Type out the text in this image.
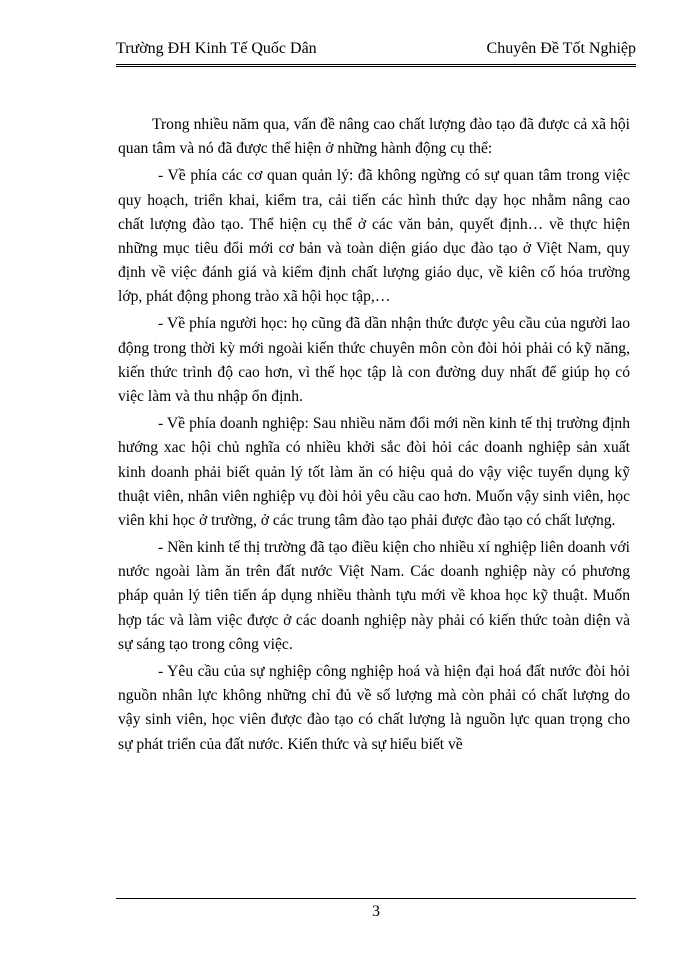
Trường ĐH Kinh Tế Quốc Dân	Chuyên Đề Tốt Nghiệp

Trong nhiều năm qua, vấn đề nâng cao chất lượng đào tạo đã được cả xã hội quan tâm và nó đã được thể hiện ở những hành động cụ thể:

- Về phía các cơ quan quản lý: đã không ngừng có sự quan tâm trong việc quy hoạch, triển khai, kiểm tra, cải tiến các hình thức dạy học nhằm nâng cao chất lượng đào tạo. Thể hiện cụ thể ở các văn bản, quyết định… về thực hiện những mục tiêu đổi mới cơ bản và toàn diện giáo dục đào tạo ở Việt Nam, quy định về việc đánh giá và kiểm định chất lượng giáo dục, về kiên cố hóa trường lớp, phát động phong trào xã hội học tập,…

- Về phía người học: họ cũng đã dần nhận thức được yêu cầu của người lao động trong thời kỳ mới ngoài kiến thức chuyên môn còn đòi hỏi phải có kỹ năng, kiến thức trình độ cao hơn, vì thế học tập là con đường duy nhất để giúp họ có việc làm và thu nhập ổn định.

- Về phía doanh nghiệp: Sau nhiều năm đổi mới nền kinh tế thị trường định hướng xac hội chủ nghĩa có nhiều khởi sắc đòi hỏi các doanh nghiệp sản xuất kinh doanh phải biết quản lý tốt làm ăn có hiệu quả do vậy việc tuyển dụng kỹ thuật viên, nhân viên nghiệp vụ đòi hỏi yêu cầu cao hơn. Muốn vậy sinh viên, học viên khi học ở trường, ở các trung tâm đào tạo phải được đào tạo có chất lượng.

- Nền kinh tế thị trường đã tạo điều kiện cho nhiều xí nghiệp liên doanh với nước ngoài làm ăn trên đất nước Việt Nam. Các doanh nghiệp này có phương pháp quản lý tiên tiến áp dụng nhiều thành tựu mới về khoa học kỹ thuật. Muốn hợp tác và làm việc được ở các doanh nghiệp này phải có kiến thức toàn diện và sự sáng tạo trong công việc.

- Yêu cầu của sự nghiệp công nghiệp hoá và hiện đại hoá đất nước đòi hỏi nguồn nhân lực không những chỉ đủ về số lượng mà còn phải có chất lượng do vậy sinh viên, học viên được đào tạo có chất lượng là nguồn lực quan trọng cho sự phát triển của đất nước. Kiến thức và sự hiểu biết về

3
